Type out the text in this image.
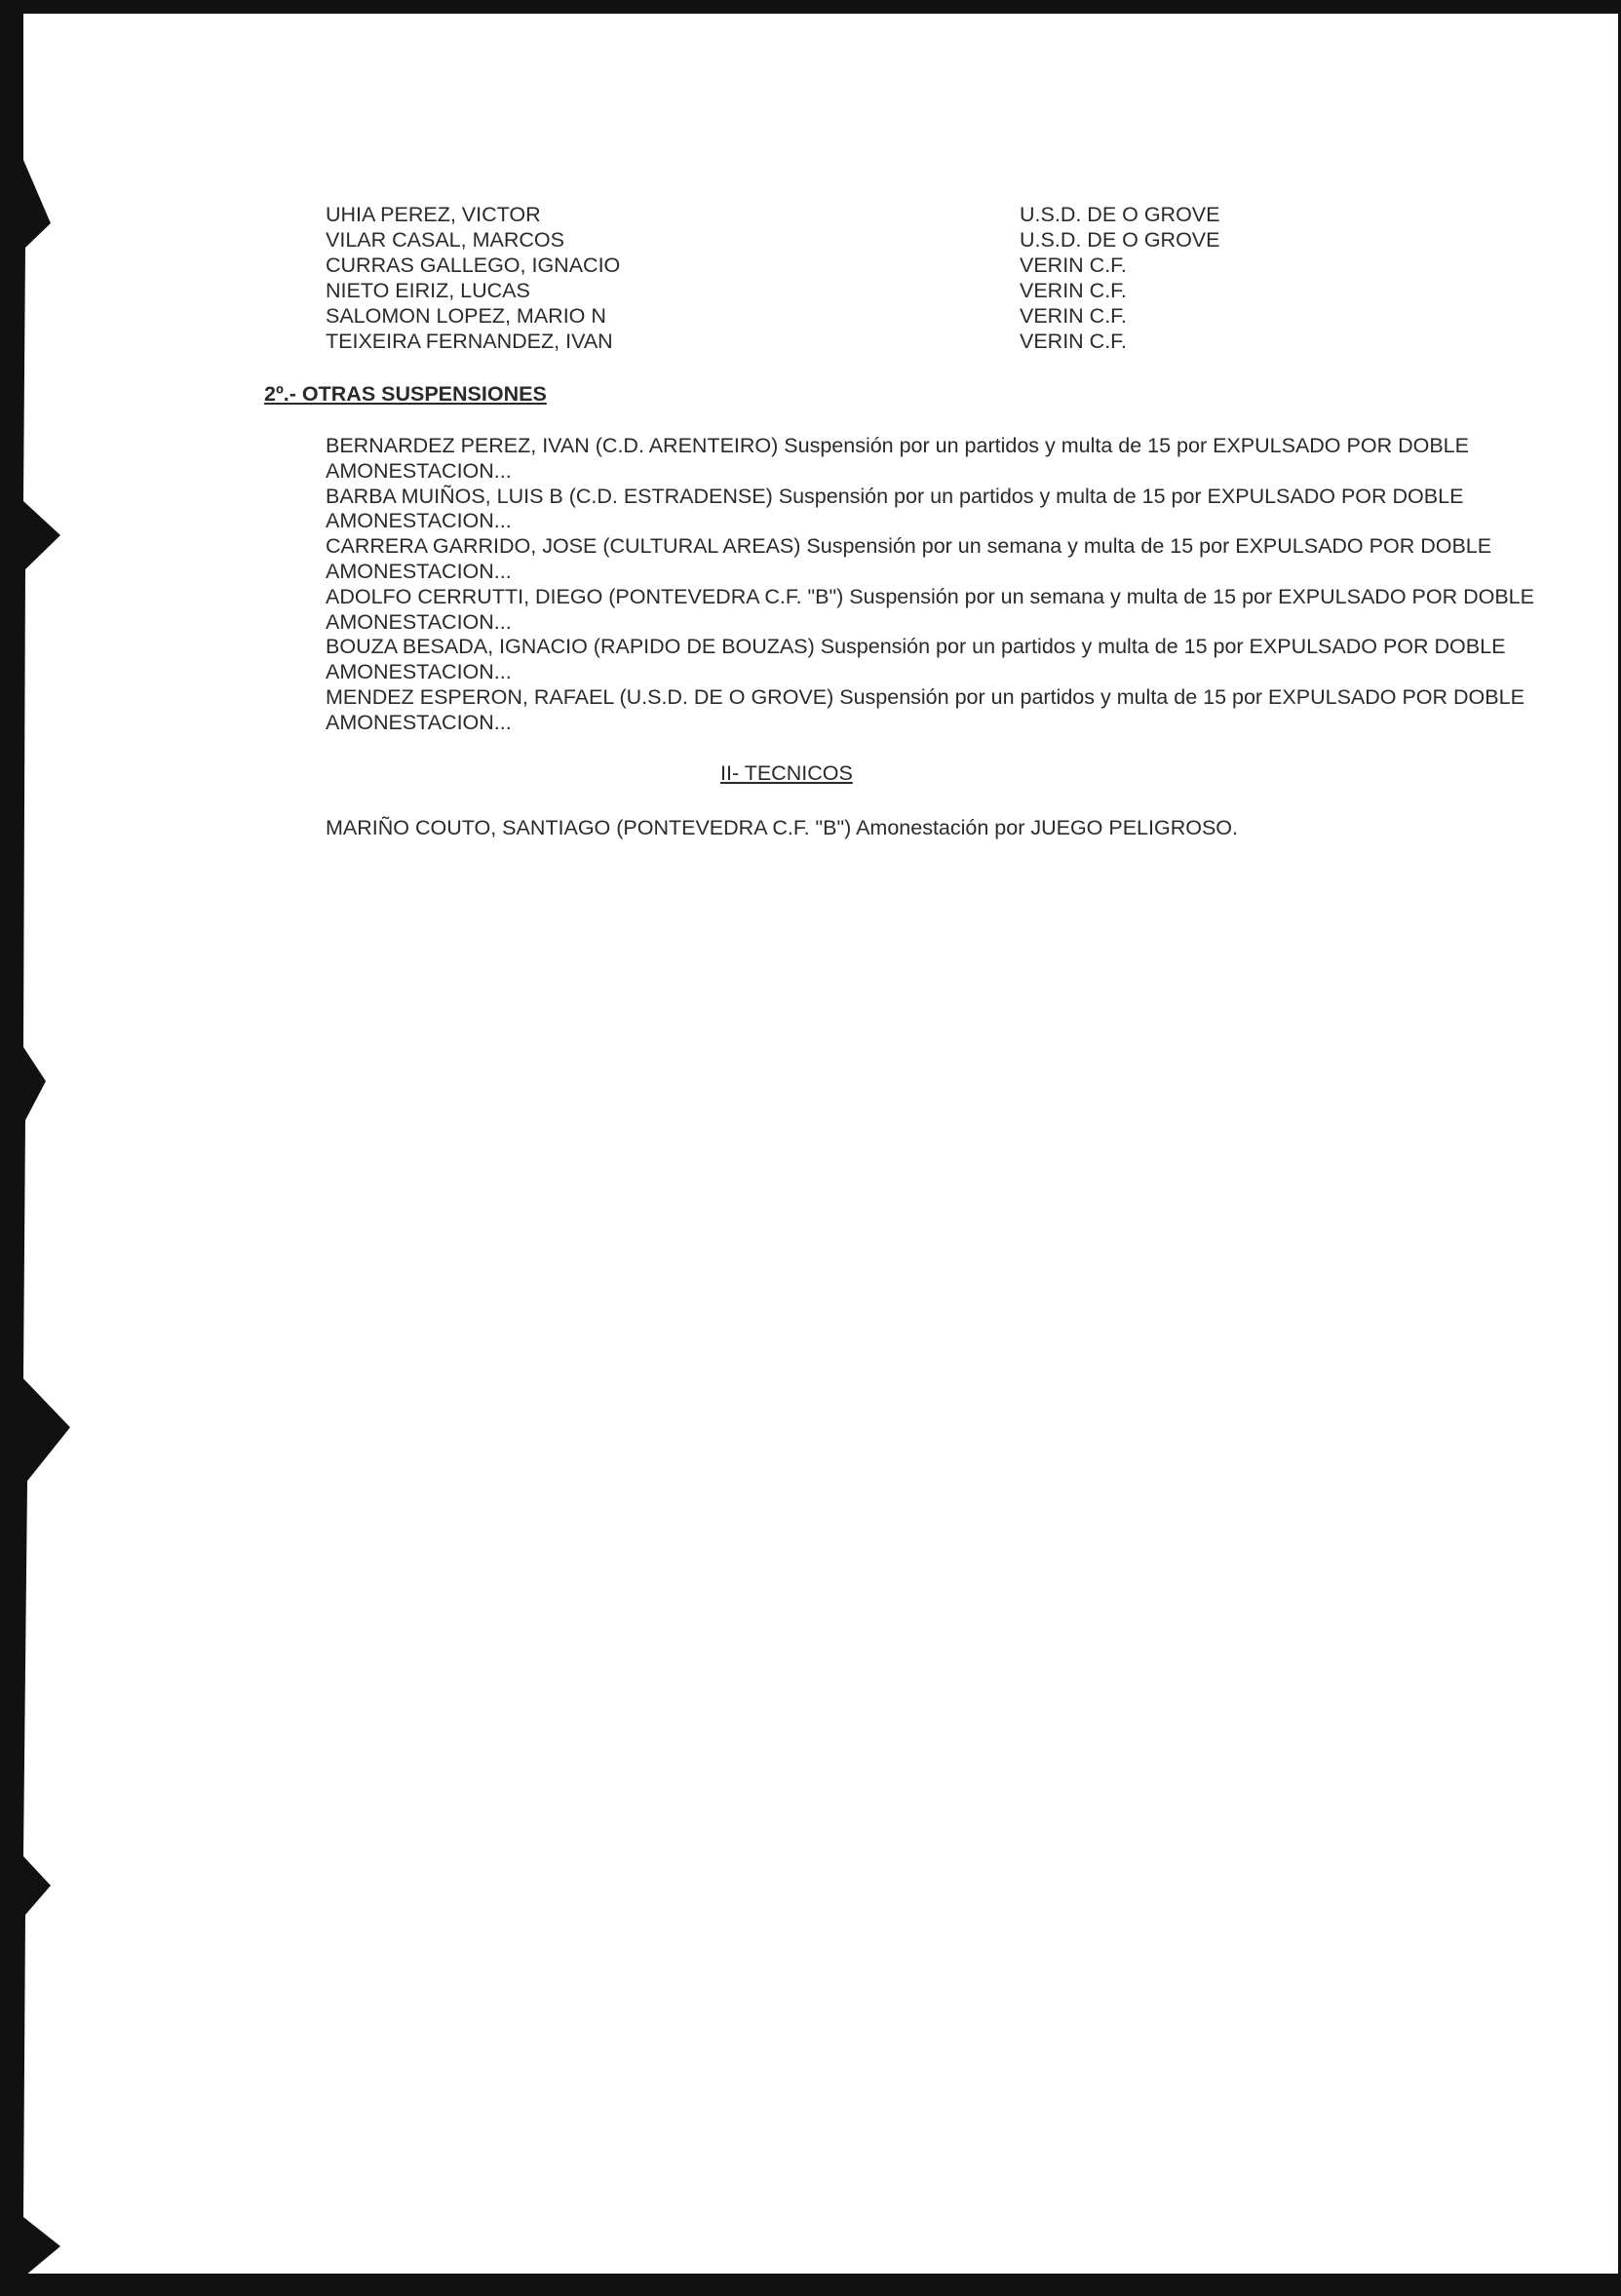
UHIA PEREZ, VICTOR	U.S.D. DE O GROVE
VILAR CASAL, MARCOS	U.S.D. DE O GROVE
CURRAS GALLEGO, IGNACIO	VERIN C.F.
NIETO EIRIZ, LUCAS	VERIN C.F.
SALOMON LOPEZ, MARIO N	VERIN C.F.
TEIXEIRA FERNANDEZ, IVAN	VERIN C.F.
2º.- OTRAS SUSPENSIONES

BERNARDEZ PEREZ, IVAN (C.D. ARENTEIRO) Suspensión por un partidos y multa de 15 por EXPULSADO POR DOBLE AMONESTACION...

BARBA MUIÑOS, LUIS B (C.D. ESTRADENSE) Suspensión por un partidos y multa de 15 por EXPULSADO POR DOBLE AMONESTACION...

CARRERA GARRIDO, JOSE (CULTURAL AREAS) Suspensión por un semana y multa de 15 por EXPULSADO POR DOBLE AMONESTACION...

ADOLFO CERRUTTI, DIEGO (PONTEVEDRA C.F. "B") Suspensión por un semana y multa de 15 por EXPULSADO POR DOBLE AMONESTACION...

BOUZA BESADA, IGNACIO (RAPIDO DE BOUZAS) Suspensión por un partidos y multa de 15 por EXPULSADO POR DOBLE AMONESTACION...

MENDEZ ESPERON, RAFAEL (U.S.D. DE O GROVE) Suspensión por un partidos y multa de 15 por EXPULSADO POR DOBLE AMONESTACION...

II- TECNICOS
MARIÑO COUTO, SANTIAGO (PONTEVEDRA C.F. "B") Amonestación por JUEGO PELIGROSO.
